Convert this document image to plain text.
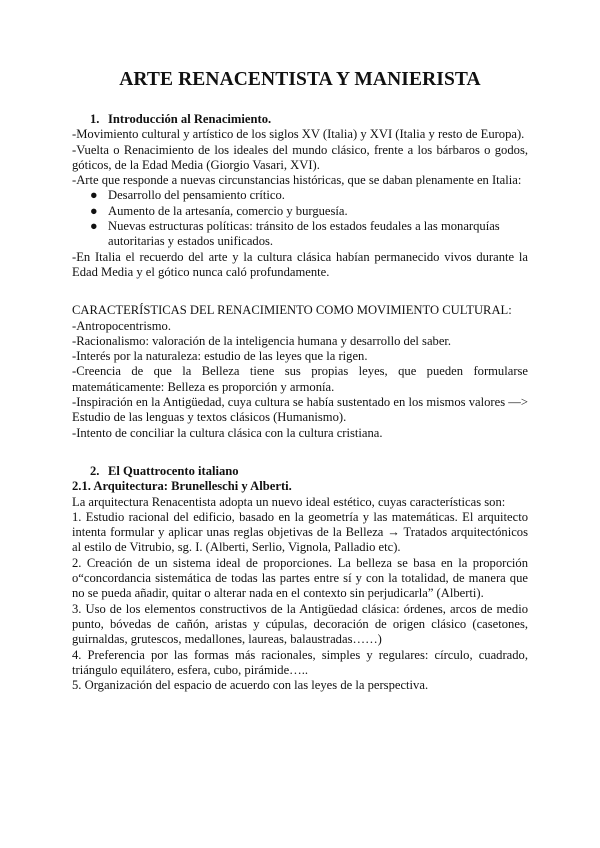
ARTE RENACENTISTA Y MANIERISTA
1. Introducción al Renacimiento.

-Movimiento cultural y artístico de los siglos XV (Italia) y XVI (Italia y resto de Europa).

-Vuelta o Renacimiento de los ideales del mundo clásico, frente a los bárbaros o godos, góticos, de la Edad Media (Giorgio Vasari, XVI).

-Arte que responde a nuevas circunstancias históricas, que se daban plenamente en Italia:

● Desarrollo del pensamiento crítico.
● Aumento de la artesanía, comercio y burguesía.
● Nuevas estructuras políticas: tránsito de los estados feudales a las monarquías autoritarias y estados unificados.

-En Italia el recuerdo del arte y la cultura clásica habían permanecido vivos durante la Edad Media y el gótico nunca caló profundamente.

CARACTERÍSTICAS DEL RENACIMIENTO COMO MOVIMIENTO CULTURAL:

-Antropocentrismo.

-Racionalismo: valoración de la inteligencia humana y desarrollo del saber.

-Interés por la naturaleza: estudio de las leyes que la rigen.

-Creencia de que la Belleza tiene sus propias leyes, que pueden formularse matemáticamente: Belleza es proporción y armonía.

-Inspiración en la Antigüedad, cuya cultura se había sustentado en los mismos valores —> Estudio de las lenguas y textos clásicos (Humanismo).

-Intento de conciliar la cultura clásica con la cultura cristiana.

2. El Quattrocento italiano
2.1. Arquitectura: Brunelleschi y Alberti.

La arquitectura Renacentista adopta un nuevo ideal estético, cuyas características son:

1. Estudio racional del edificio, basado en la geometría y las matemáticas. El arquitecto intenta formular y aplicar unas reglas objetivas de la Belleza → Tratados arquitectónicos al estilo de Vitrubio, sg. I. (Alberti, Serlio, Vignola, Palladio etc).

2. Creación de un sistema ideal de proporciones. La belleza se basa en la proporción o“concordancia sistemática de todas las partes entre sí y con la totalidad, de manera que no se pueda añadir, quitar o alterar nada en el contexto sin perjudicarla” (Alberti).

3. Uso de los elementos constructivos de la Antigüedad clásica: órdenes, arcos de medio punto, bóvedas de cañón, aristas y cúpulas, decoración de origen clásico (casetones, guirnaldas, grutescos, medallones, laureas, balaustradas……)

4. Preferencia por las formas más racionales, simples y regulares: círculo, cuadrado, triángulo equilátero, esfera, cubo, pirámide…..

5. Organización del espacio de acuerdo con las leyes de la perspectiva.
